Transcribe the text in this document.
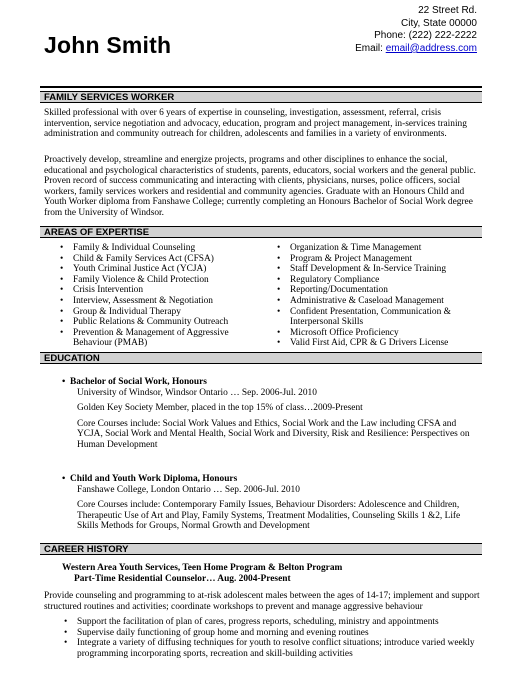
John Smith
22 Street Rd.
City, State 00000
Phone: (222) 222-2222
Email: email@address.com
FAMILY SERVICES WORKER

Skilled professional with over 6 years of expertise in counseling, investigation, assessment, referral, crisis intervention, service negotiation and advocacy, education, program and project management, in-services training administration and community outreach for children, adolescents and families in a variety of environments.

Proactively develop, streamline and energize projects, programs and other disciplines to enhance the social, educational and psychological characteristics of students, parents, educators, social workers and the general public. Proven record of success communicating and interacting with clients, physicians, nurses, police officers, social workers, family services workers and residential and community agencies. Graduate with an Honours Child and Youth Worker diploma from Fanshawe College; currently completing an Honours Bachelor of Social Work degree from the University of Windsor.

AREAS OF EXPERTISE
• Family & Individual Counseling
• Child & Family Services Act (CFSA)
• Youth Criminal Justice Act (YCJA)
• Family Violence & Child Protection
• Crisis Intervention
• Interview, Assessment & Negotiation
• Group & Individual Therapy
• Public Relations & Community Outreach
• Prevention & Management of Aggressive Behaviour (PMAB)
• Organization & Time Management
• Program & Project Management
• Staff Development & In-Service Training
• Regulatory Compliance
• Reporting/Documentation
• Administrative & Caseload Management
• Confident Presentation, Communication & Interpersonal Skills
• Microsoft Office Proficiency
• Valid First Aid, CPR & G Drivers License
EDUCATION
• Bachelor of Social Work, Honours
University of Windsor, Windsor Ontario … Sep. 2006-Jul. 2010
Golden Key Society Member, placed in the top 15% of class…2009-Present
Core Courses include: Social Work Values and Ethics, Social Work and the Law including CFSA and YCJA, Social Work and Mental Health, Social Work and Diversity, Risk and Resilience: Perspectives on Human Development
• Child and Youth Work Diploma, Honours
Fanshawe College, London Ontario … Sep. 2006-Jul. 2010
Core Courses include: Contemporary Family Issues, Behaviour Disorders: Adolescence and Children, Therapeutic Use of Art and Play, Family Systems, Treatment Modalities, Counseling Skills 1 &2, Life Skills Methods for Groups, Normal Growth and Development
CAREER HISTORY
Western Area Youth Services, Teen Home Program & Belton Program
Part-Time Residential Counselor… Aug. 2004-Present

Provide counseling and programming to at-risk adolescent males between the ages of 14-17; implement and support structured routines and activities; coordinate workshops to prevent and manage aggressive behaviour

• Support the facilitation of plan of cares, progress reports, scheduling, ministry and appointments
• Supervise daily functioning of group home and morning and evening routines
• Integrate a variety of diffusing techniques for youth to resolve conflict situations; introduce varied weekly programming incorporating sports, recreation and skill-building activities
